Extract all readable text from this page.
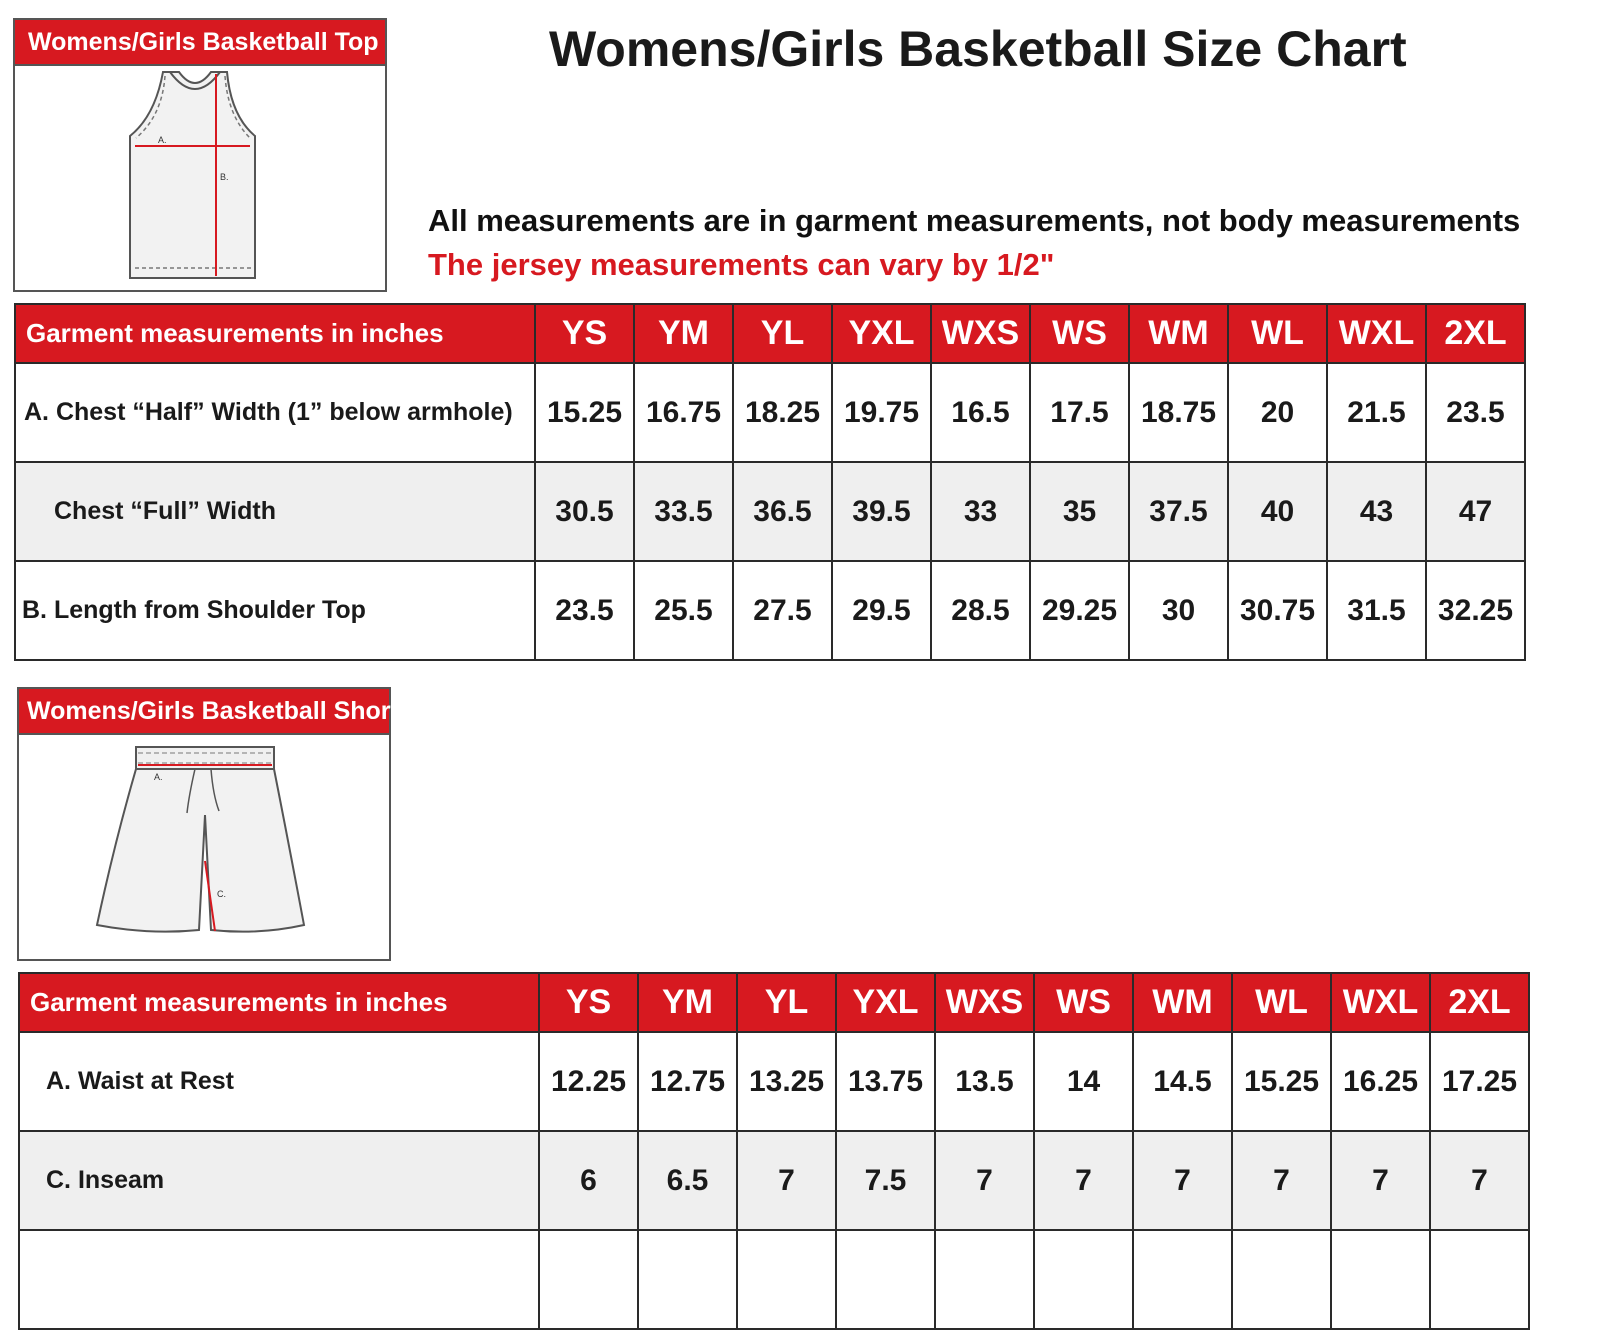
Womens/Girls Basketball Top
A.
B.
Womens/Girls Basketball Size Chart
All measurements are in garment measurements, not body measurements
The jersey measurements can vary by 1/2"
Garment measurements in inches	YS	YM	YL	YXL	WXS	WS	WM	WL	WXL	2XL
A. Chest “Half” Width (1” below armhole)	15.25	16.75	18.25	19.75	16.5	17.5	18.75	20	21.5	23.5
Chest “Full” Width	30.5	33.5	36.5	39.5	33	35	37.5	40	43	47
B. Length from Shoulder Top	23.5	25.5	27.5	29.5	28.5	29.25	30	30.75	31.5	32.25
Womens/Girls Basketball Shorts
A.
C.
Garment measurements in inches	YS	YM	YL	YXL	WXS	WS	WM	WL	WXL	2XL
A. Waist at Rest	12.25	12.75	13.25	13.75	13.5	14	14.5	15.25	16.25	17.25
C. Inseam	6	6.5	7	7.5	7	7	7	7	7	7
